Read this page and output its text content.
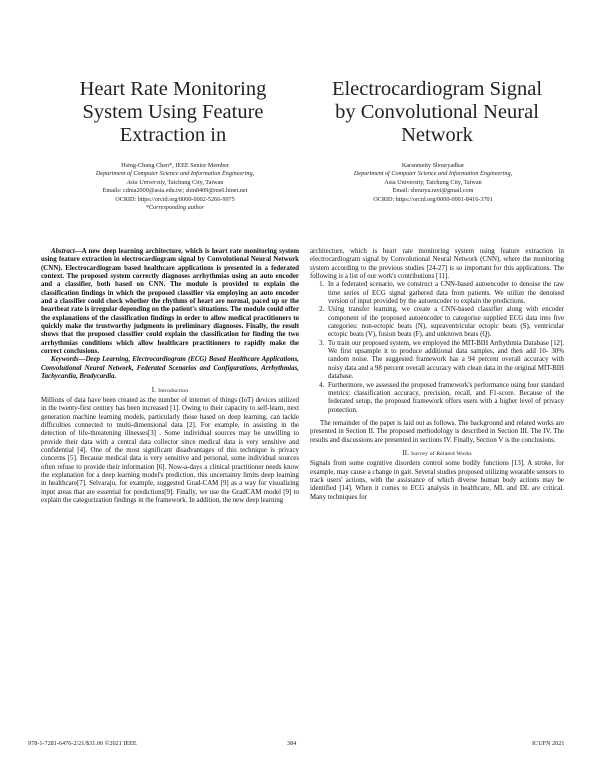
Heart Rate Monitoring
System Using Feature
Extraction in
Electrocardiogram Signal
by Convolutional Neural
Network
Hsing-Chung Chen*, IEEE Senior Member
Department of Computer Science and Information Engineering,
Asia University, Taichung City, Taiwan
Emails: cdma2000@asia.edu.tw; shin8409@ms6.hinet.net
OCRID: https://orcid.org/0000-0002-5266-9975
*Corresponding author
Karanmetty Shouryadhar
Department of Computer Science and Information Engineering,
Asia University, Taichung City, Taiwan
Email: shourya.ravi@gmail.com
OCRID: https://orcid.org/0000-0001-8416-3701

Abstract—A new deep learning architecture, which is heart rate monitoring system using feature extraction in electrocardiogram signal by Convolutional Neural Network (CNN). Electrocardiogram based healthcare applications is presented in a federated context. The proposed system correctly diagnoses arrhythmias using an auto encoder and a classifier, both based on CNN. The module is provided to explain the classification findings in which the proposed classifier via employing an auto encoder and a classifier could check whether the rhythms of heart are normal, paced up or the heartbeat rate is irregular depending on the patient's situations. The module could offer the explanations of the classification findings in order to allow medical practitioners to quickly make the trustworthy judgments in preliminary diagnoses. Finally, the result shows that the proposed classifier could explain the classification for finding the two arrhythmias conditions which allow healthcare practitioners to rapidly make the correct conclusions.

Keywords—Deep Learning, Electrocardiogram (ECG) Based Healthcare Applications, Convolutional Neural Network, Federated Scenarios and Configurations, Arrhythmias, Tachycardia, Bradycardia.

I. Introduction

Millions of data have been created as the number of internet of things (IoT) devices utilized in the twenty-first century has been increased [1]. Owing to their capacity to self-learn, next generation machine learning models, particularly those based on deep learning, can tackle difficulties connected to multi-dimensional data [2]. For example, in assisting in the detection of life-threatening illnesses[3] . Some individual sources may be unwilling to provide their data with a central data collector since medical data is very sensitive and confidential [4]. One of the most significant disadvantages of this technique is privacy concerns [5]. Because medical data is very sensitive and personal, some individual sources often refuse to provide their information [6]. Now-a-days a clinical practitioner needs know the explanation for a deep learning model's prediction, this uncertainty limits deep learning in healthcare[7]. Selvaraju, for example, suggested Grad-CAM [9] as a way for visualizing input areas that are essential for predictions[9]. Finally, we use the GradCAM model [9] to explain the categorization findings in the framework. In addition, the new deep learning

architecture, which is heart rate monitoring system using feature extraction in electrocardiogram signal by Convolutional Neural Network (CNN), where the monitoring system according to the previous studies [24-27] is so important for this applications. The following is a list of our work's contributions [11].

1. In a federated scenario, we construct a CNN-based autoencoder to denoise the raw time series of ECG signal gathered data from patients. We utilize the denoised version of input provided by the autoencoder to explain the predictions.
2. Using transfer learning, we create a CNN-based classifier along with encoder component of the proposed autoencoder to categorise supplied ECG data into five categories: non-ectopic beats (N), supraventricular ectopic beats (S), ventricular ectopic beats (V), fusion beats (F), and unknown beats (Q).
3. To train our proposed system, we employed the MIT-BIH Arrhythmia Database [12]. We first upsample it to produce additional data samples, and then add 10- 30% random noise. The suggested framework has a 94 percent overall accuracy with noisy data and a 98 percent overall accuracy with clean data in the original MIT-BIH database.
4. Furthermore, we assessed the proposed framework's performance using four standard metrics: classification accuracy, precision, recall, and F1-score. Because of the federated setup, the proposed framework offers users with a higher level of privacy protection.

The remainder of the paper is laid out as follows. The background and related works are presented in Section II. The proposed methodology is described in Section III. The IV. The results and discussions are presented in sections IV. Finally, Section V is the conclusions.

II. Survey of Related Works

Signals from some cognitive disorders control some bodily functions [13]. A stroke, for example, may cause a change in gait. Several studies proposed utilizing wearable sensors to track users' actions, with the assistance of which diverse human body actions may be identified [14]. When it comes to ECG analysis in healthcare, ML and DL are critical. Many techniques for

978-1-7281-6476-2/21/$31.00 ©2021 IEEE	384	ICUFN 2021
